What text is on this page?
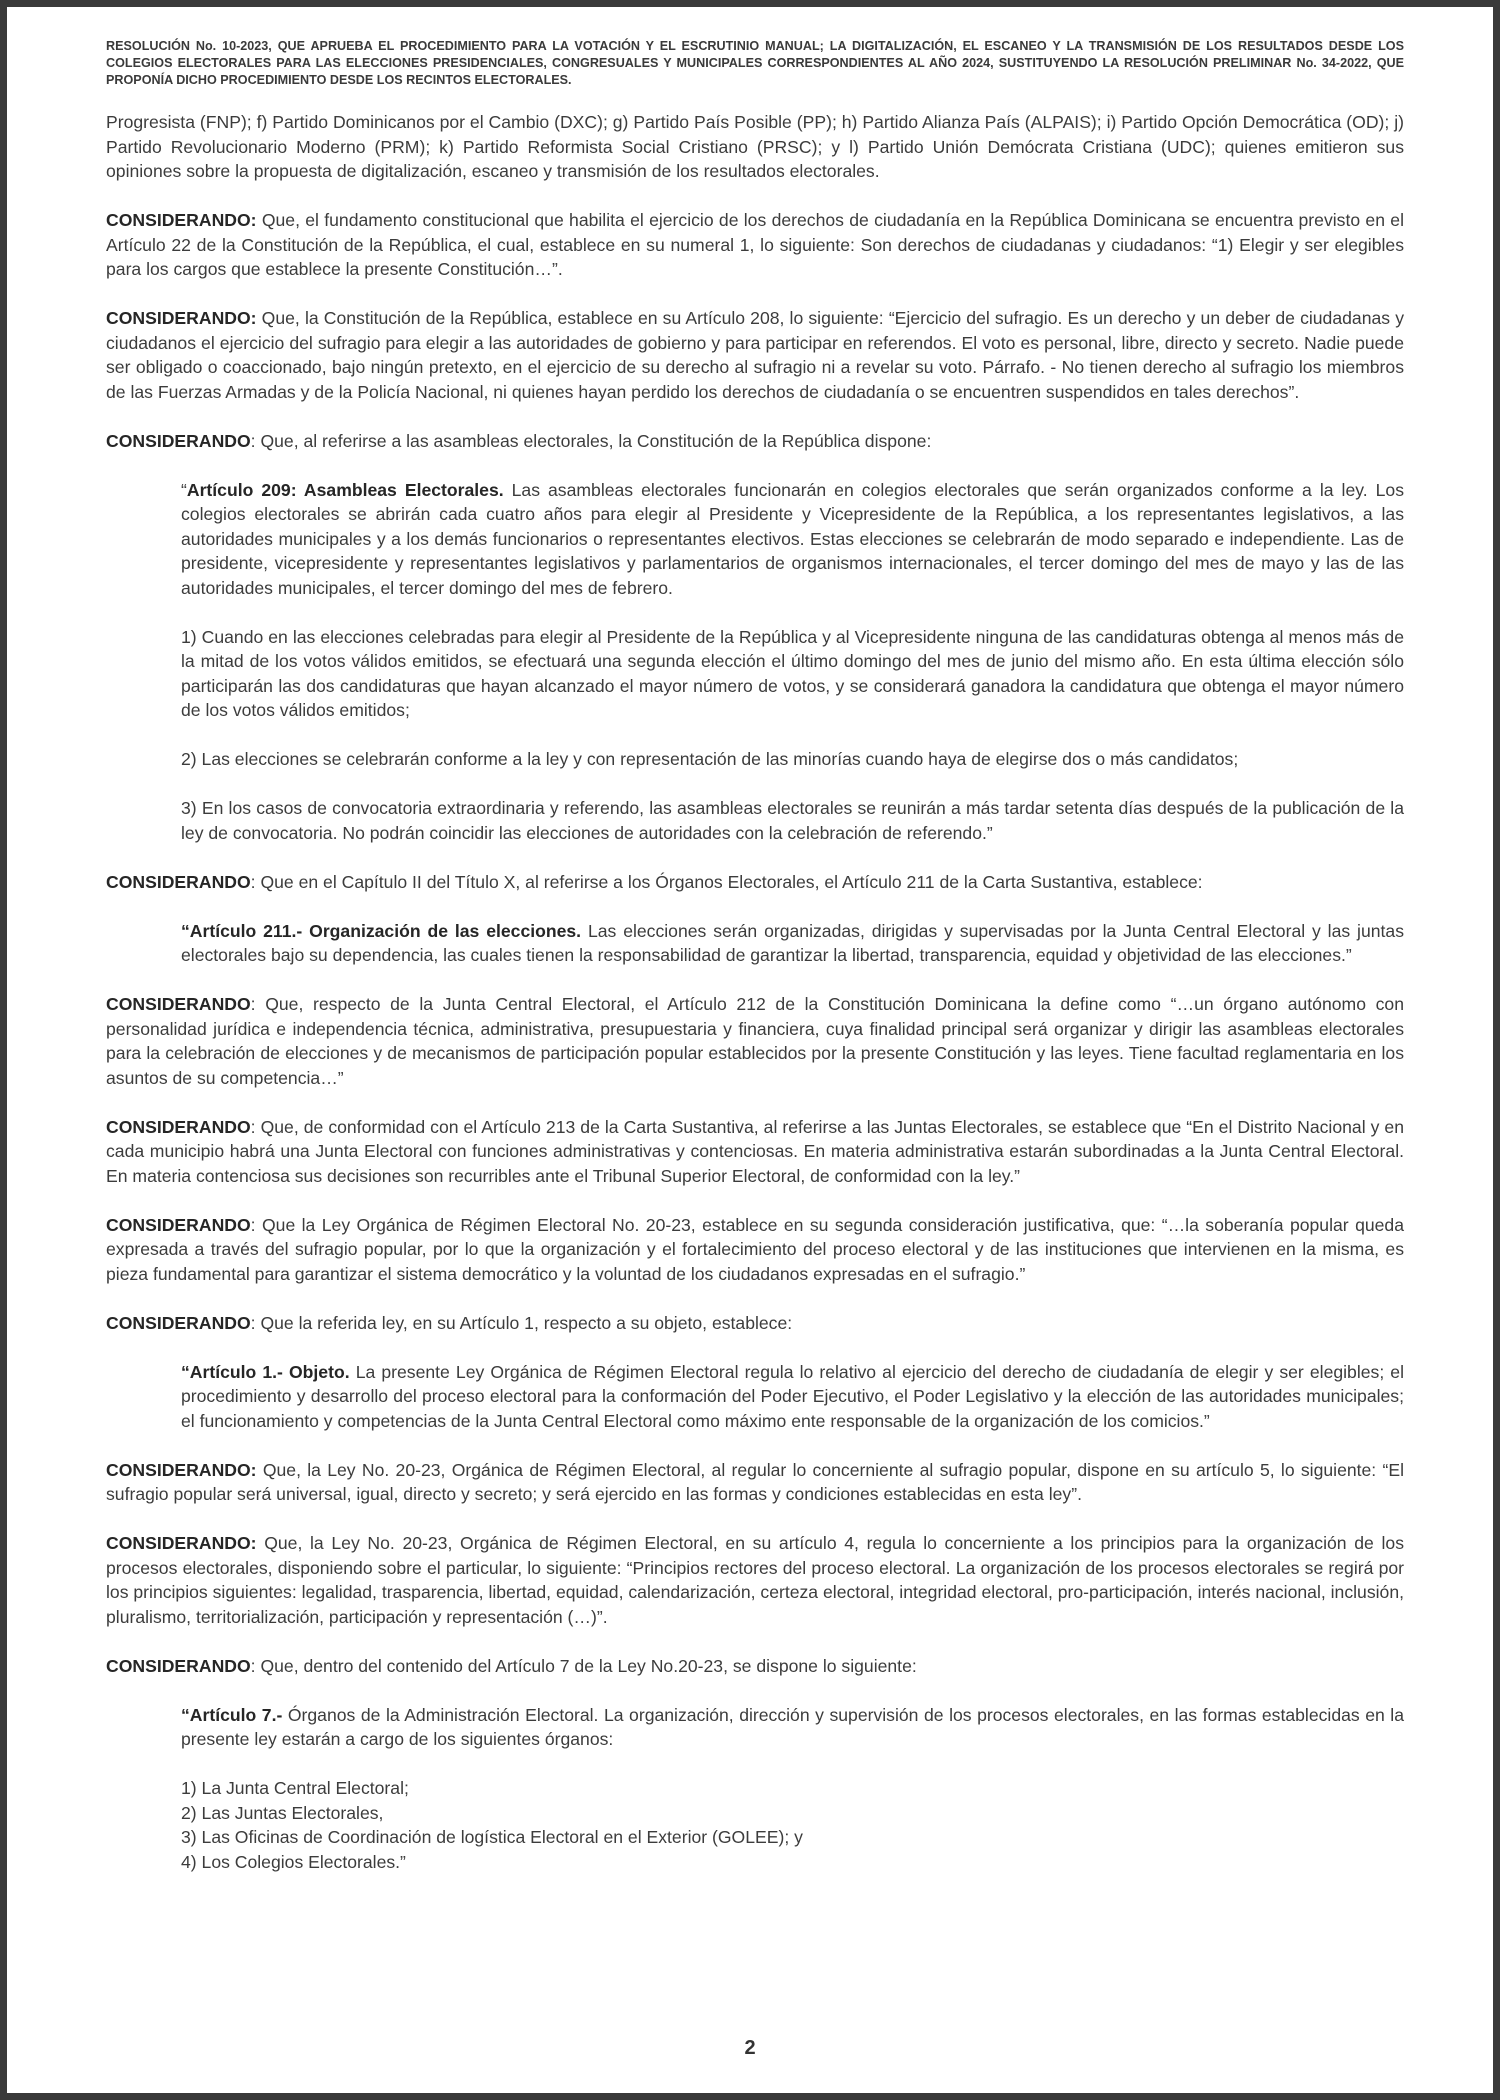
RESOLUCIÓN No. 10-2023, QUE APRUEBA EL PROCEDIMIENTO PARA LA VOTACIÓN Y EL ESCRUTINIO MANUAL; LA DIGITALIZACIÓN, EL ESCANEO Y LA TRANSMISIÓN DE LOS RESULTADOS DESDE LOS COLEGIOS ELECTORALES PARA LAS ELECCIONES PRESIDENCIALES, CONGRESUALES Y MUNICIPALES CORRESPONDIENTES AL AÑO 2024, SUSTITUYENDO LA RESOLUCIÓN PRELIMINAR No. 34-2022, QUE PROPONÍA DICHO PROCEDIMIENTO DESDE LOS RECINTOS ELECTORALES.

Progresista (FNP); f) Partido Dominicanos por el Cambio (DXC); g) Partido País Posible (PP); h) Partido Alianza País (ALPAIS); i) Partido Opción Democrática (OD); j) Partido Revolucionario Moderno (PRM); k) Partido Reformista Social Cristiano (PRSC); y l) Partido Unión Demócrata Cristiana (UDC); quienes emitieron sus opiniones sobre la propuesta de digitalización, escaneo y transmisión de los resultados electorales.

CONSIDERANDO: Que, el fundamento constitucional que habilita el ejercicio de los derechos de ciudadanía en la República Dominicana se encuentra previsto en el Artículo 22 de la Constitución de la República, el cual, establece en su numeral 1, lo siguiente: Son derechos de ciudadanas y ciudadanos: “1) Elegir y ser elegibles para los cargos que establece la presente Constitución…”.

CONSIDERANDO: Que, la Constitución de la República, establece en su Artículo 208, lo siguiente: “Ejercicio del sufragio. Es un derecho y un deber de ciudadanas y ciudadanos el ejercicio del sufragio para elegir a las autoridades de gobierno y para participar en referendos. El voto es personal, libre, directo y secreto. Nadie puede ser obligado o coaccionado, bajo ningún pretexto, en el ejercicio de su derecho al sufragio ni a revelar su voto. Párrafo. - No tienen derecho al sufragio los miembros de las Fuerzas Armadas y de la Policía Nacional, ni quienes hayan perdido los derechos de ciudadanía o se encuentren suspendidos en tales derechos”.

CONSIDERANDO: Que, al referirse a las asambleas electorales, la Constitución de la República dispone:

“Artículo 209: Asambleas Electorales. Las asambleas electorales funcionarán en colegios electorales que serán organizados conforme a la ley. Los colegios electorales se abrirán cada cuatro años para elegir al Presidente y Vicepresidente de la República, a los representantes legislativos, a las autoridades municipales y a los demás funcionarios o representantes electivos. Estas elecciones se celebrarán de modo separado e independiente. Las de presidente, vicepresidente y representantes legislativos y parlamentarios de organismos internacionales, el tercer domingo del mes de mayo y las de las autoridades municipales, el tercer domingo del mes de febrero.

1) Cuando en las elecciones celebradas para elegir al Presidente de la República y al Vicepresidente ninguna de las candidaturas obtenga al menos más de la mitad de los votos válidos emitidos, se efectuará una segunda elección el último domingo del mes de junio del mismo año. En esta última elección sólo participarán las dos candidaturas que hayan alcanzado el mayor número de votos, y se considerará ganadora la candidatura que obtenga el mayor número de los votos válidos emitidos;

2) Las elecciones se celebrarán conforme a la ley y con representación de las minorías cuando haya de elegirse dos o más candidatos;

3) En los casos de convocatoria extraordinaria y referendo, las asambleas electorales se reunirán a más tardar setenta días después de la publicación de la ley de convocatoria. No podrán coincidir las elecciones de autoridades con la celebración de referendo.”

CONSIDERANDO: Que en el Capítulo II del Título X, al referirse a los Órganos Electorales, el Artículo 211 de la Carta Sustantiva, establece:

“Artículo 211.- Organización de las elecciones. Las elecciones serán organizadas, dirigidas y supervisadas por la Junta Central Electoral y las juntas electorales bajo su dependencia, las cuales tienen la responsabilidad de garantizar la libertad, transparencia, equidad y objetividad de las elecciones.”

CONSIDERANDO: Que, respecto de la Junta Central Electoral, el Artículo 212 de la Constitución Dominicana la define como “…un órgano autónomo con personalidad jurídica e independencia técnica, administrativa, presupuestaria y financiera, cuya finalidad principal será organizar y dirigir las asambleas electorales para la celebración de elecciones y de mecanismos de participación popular establecidos por la presente Constitución y las leyes. Tiene facultad reglamentaria en los asuntos de su competencia…”

CONSIDERANDO: Que, de conformidad con el Artículo 213 de la Carta Sustantiva, al referirse a las Juntas Electorales, se establece que “En el Distrito Nacional y en cada municipio habrá una Junta Electoral con funciones administrativas y contenciosas. En materia administrativa estarán subordinadas a la Junta Central Electoral. En materia contenciosa sus decisiones son recurribles ante el Tribunal Superior Electoral, de conformidad con la ley.”

CONSIDERANDO: Que la Ley Orgánica de Régimen Electoral No. 20-23, establece en su segunda consideración justificativa, que: “…la soberanía popular queda expresada a través del sufragio popular, por lo que la organización y el fortalecimiento del proceso electoral y de las instituciones que intervienen en la misma, es pieza fundamental para garantizar el sistema democrático y la voluntad de los ciudadanos expresadas en el sufragio.”

CONSIDERANDO: Que la referida ley, en su Artículo 1, respecto a su objeto, establece:

“Artículo 1.- Objeto. La presente Ley Orgánica de Régimen Electoral regula lo relativo al ejercicio del derecho de ciudadanía de elegir y ser elegibles; el procedimiento y desarrollo del proceso electoral para la conformación del Poder Ejecutivo, el Poder Legislativo y la elección de las autoridades municipales; el funcionamiento y competencias de la Junta Central Electoral como máximo ente responsable de la organización de los comicios.”

CONSIDERANDO: Que, la Ley No. 20-23, Orgánica de Régimen Electoral, al regular lo concerniente al sufragio popular, dispone en su artículo 5, lo siguiente: “El sufragio popular será universal, igual, directo y secreto; y será ejercido en las formas y condiciones establecidas en esta ley”.

CONSIDERANDO: Que, la Ley No. 20-23, Orgánica de Régimen Electoral, en su artículo 4, regula lo concerniente a los principios para la organización de los procesos electorales, disponiendo sobre el particular, lo siguiente: “Principios rectores del proceso electoral. La organización de los procesos electorales se regirá por los principios siguientes: legalidad, trasparencia, libertad, equidad, calendarización, certeza electoral, integridad electoral, pro-participación, interés nacional, inclusión, pluralismo, territorialización, participación y representación (…)”.

CONSIDERANDO: Que, dentro del contenido del Artículo 7 de la Ley No.20-23, se dispone lo siguiente:

“Artículo 7.- Órganos de la Administración Electoral. La organización, dirección y supervisión de los procesos electorales, en las formas establecidas en la presente ley estarán a cargo de los siguientes órganos:

1) La Junta Central Electoral;

2) Las Juntas Electorales,

3) Las Oficinas de Coordinación de logística Electoral en el Exterior (GOLEE); y

4) Los Colegios Electorales.”

2
